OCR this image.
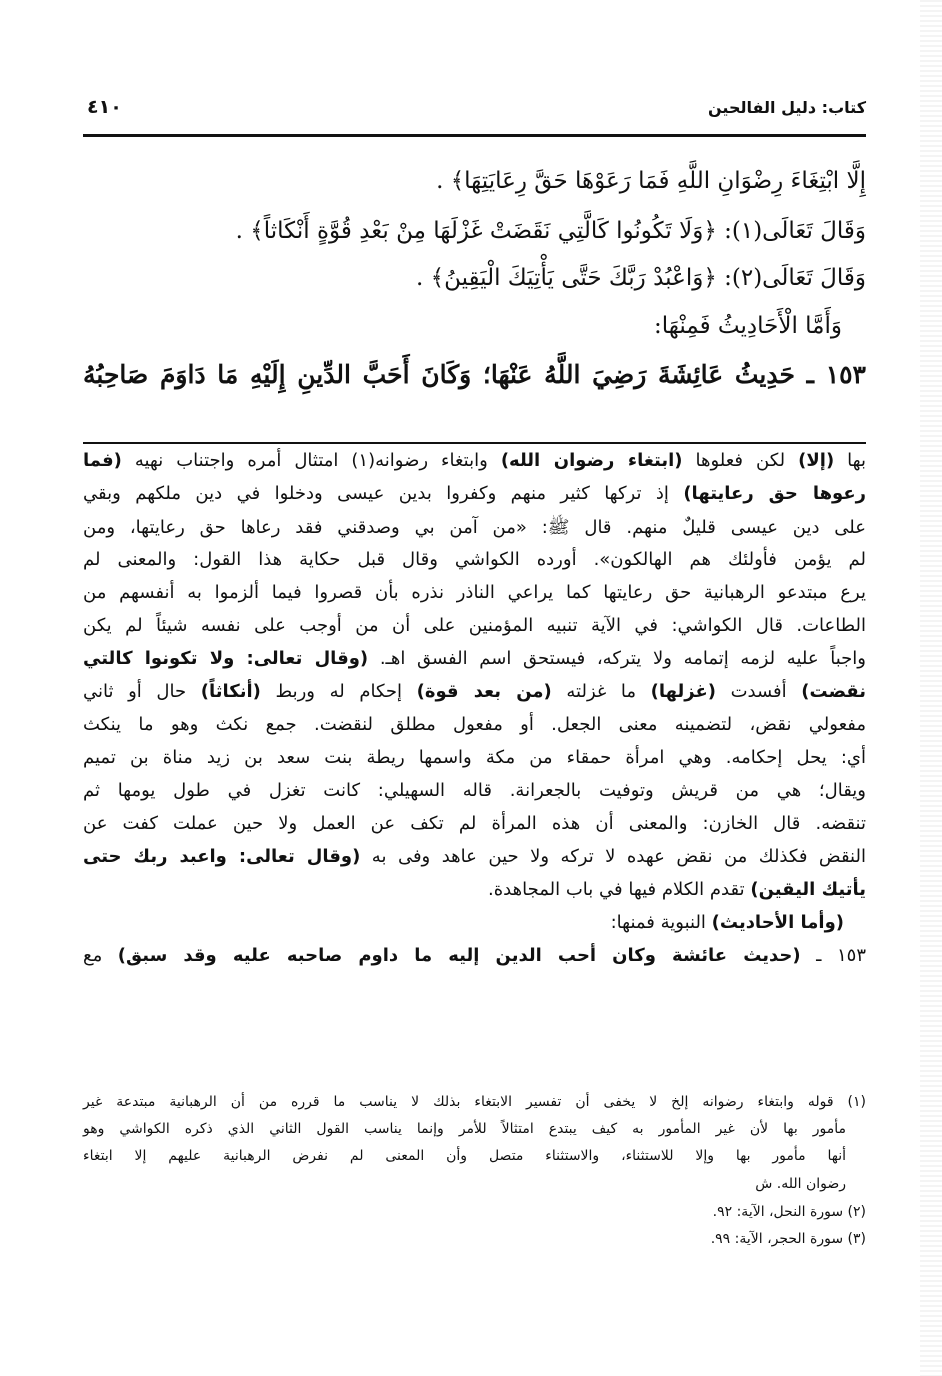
كتاب: دليل الفالحين
٤١٠
إِلَّا ابْتِغَاءَ رِضْوَانِ اللَّهِ فَمَا رَعَوْهَا حَقَّ رِعَايَتِهَا﴾ .
وَقَالَ تَعَالَى(١): ﴿وَلَا تَكُونُوا كَالَّتِي نَقَضَتْ غَزْلَهَا مِنْ بَعْدِ قُوَّةٍ أَنْكَاثاً﴾ .
وَقَالَ تَعَالَى(٢): ﴿وَاعْبُدْ رَبَّكَ حَتَّى يَأْتِيَكَ الْيَقِينُ﴾ .
وَأَمَّا الْأَحَادِيثُ فَمِنْهَا:
١٥٣ ـ حَدِيثُ عَائِشَةَ رَضِيَ اللَّهُ عَنْهَا؛ وَكَانَ أَحَبَّ الدِّينِ إِلَيْهِ مَا دَاوَمَ صَاحِبُهُ
بها (إلا) لكن فعلوها (ابتغاء رضوان الله) وابتغاء رضوانه(١) امتثال أمره واجتناب نهيه (فما
رعوها حق رعايتها) إذ تركها كثير منهم وكفروا بدين عيسى ودخلوا في دين ملكهم وبقي
على دين عيسى قليلٌ منهم. قال ﷺ: «من آمن بي وصدقني فقد رعاها حق رعايتها، ومن
لم يؤمن فأولئك هم الهالكون». أورده الكواشي وقال قبل حكاية هذا القول: والمعنى لم
يرع مبتدعو الرهبانية حق رعايتها كما يراعي الناذر نذره بأن قصروا فيما ألزموا به أنفسهم من
الطاعات. قال الكواشي: في الآية تنبيه المؤمنين على أن من أوجب على نفسه شيئاً لم يكن
واجباً عليه لزمه إتمامه ولا يتركه، فيستحق اسم الفسق اهـ. (وقال تعالى: ولا تكونوا كالتي
نقضت) أفسدت (غزلها) ما غزلته (من بعد قوة) إحكام له وربط (أنكاثاً) حال أو ثاني
مفعولي نقض، لتضمينه معنى الجعل. أو مفعول مطلق لنقضت. جمع نكث وهو ما ينكث
أي: يحل إحكامه. وهي امرأة حمقاء من مكة واسمها ريطة بنت سعد بن زيد مناة بن تميم
ويقال؛ هي من قريش وتوفيت بالجعرانة. قاله السهيلي: كانت تغزل في طول يومها ثم
تنقضه. قال الخازن: والمعنى أن هذه المرأة لم تكف عن العمل ولا حين عملت كفت عن
النقض فكذلك من نقض عهده لا تركه ولا حين عاهد وفى به (وقال تعالى: واعبد ربك حتى
يأتيك اليقين) تقدم الكلام فيها في باب المجاهدة.
(وأما الأحاديث) النبوية فمنها:
١٥٣ ـ (حديث عائشة وكان أحب الدين إليه ما داوم صاحبه عليه وقد سبق) مع
(١) قوله وابتغاء رضوانه إلخ لا يخفى أن تفسير الابتغاء بذلك لا يناسب ما قرره من أن الرهبانية مبتدعة غير
مأمور بها لأن غير المأمور به كيف يبتدع امتثالاً للأمر وإنما يناسب القول الثاني الذي ذكره الكواشي وهو
أنها مأمور بها وإلا للاستثناء، والاستثناء متصل وأن المعنى لم نفرض الرهبانية عليهم إلا ابتغاء
رضوان الله. ش
(٢) سورة النحل، الآية: ٩٢.
(٣) سورة الحجر، الآية: ٩٩.
